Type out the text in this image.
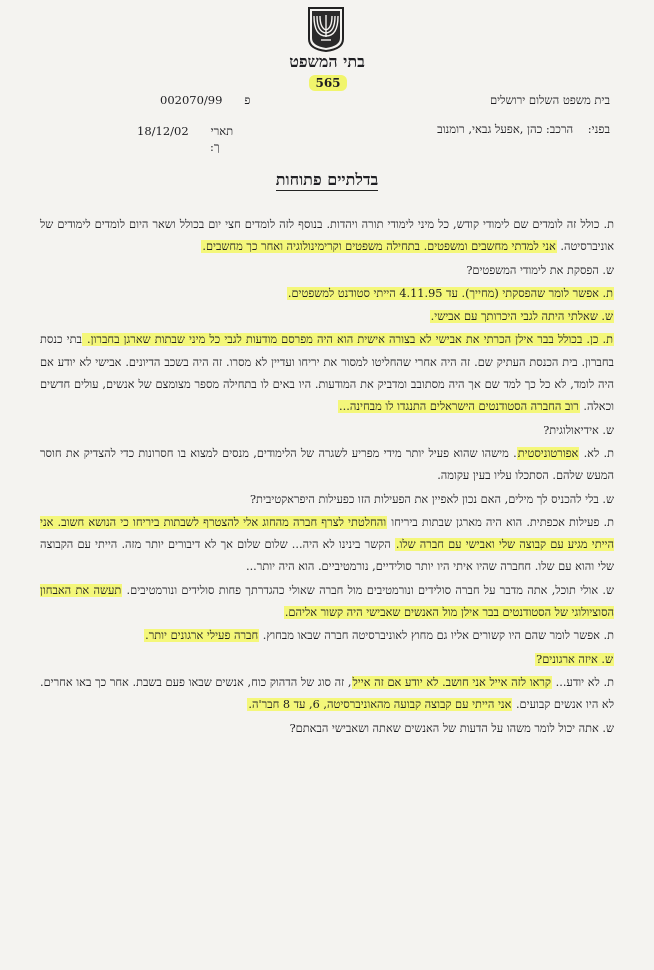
בתי המשפט
565
בית משפט השלום ירושלים
בפני:    הרכב: כהן ,אפעל גבאי, רומנוב
פ      002070/99
תארי      18/12/02
ך:
בדלתיים פתוחות

ת. כולל זה לומדים שם לימודי קודש, כל מיני לימודי תורה ויהדות. בנוסף לזה לומדים חצי יום בכולל ושאר היום לומדים לימודים של אוניברסיטה. אני למדתי מחשבים ומשפטים. בתחילה משפטים וקרימינולוגיה ואחר כך מחשבים.

ש. הפסקת את לימודי המשפטים?

ת. אפשר לומר שהפסקתי (מחייך). עד 4.11.95 הייתי סטודנט למשפטים.

ש. שאלתי היתה לגבי היכרותך עם אבישי.

ת. כן. בכולל בבר אילן הכרתי את אבישי לא בצורה אישית הוא היה מפרסם מודעות לגבי כל מיני שבתות שארגן בחברון. בתי כנסת בחברון. בית הכנסת העתיק שם. זה היה אחרי שהחליטו למסור את יריחו ועדיין לא מסרו. זה היה בשכב הדיונים. אבישי לא יודע אם היה לומד, לא כל כך למד שם אך היה מסתובב ומדביק את המודעות. היו באים לו בתחילה מספר מצומצם של אנשים, עולים חדשים וכאלה. רוב החברה הסטודנטים הישראלים התנגדו לו מבחינה...

ש. אידיאולוגית?

ת. לא. אפורטוניסטית. מישהו שהוא פעיל יותר מידי מפריע לשגרה של הלימודים, מנסים למצוא בו חסרונות כדי להצדיק את חוסר המעש שלהם. הסתכלו עליו בעין עקומה.

ש. בלי להכניס לך מילים, האם נכון לאפיין את הפעילות הזו כפעילות היפראקטיבית?

ת. פעילות אכפתית. הוא היה מארגן שבתות ביריחו והחלטתי לצרף חברה מהחוג אלי להצטרף לשבתות ביריחו כי הנושא חשוב. אני הייתי מגיע עם קבוצה שלי ואבישי עם חברה שלו. הקשר בינינו לא היה... שלום שלום אך לא דיבורים יותר מזה. הייתי עם הקבוצה שלי והוא עם שלו. חחברה שהיו איתי היו יותר סולידיים, נורמטיביים. הוא היה יותר...

ש. אולי תוכל, אתה מדבר על חברה סולידים ונורמטיבים מול חברה שאולי כהגדרתך פחות סולידים ונורמטיבים. תעשה את האבחון הסוציולוגי של הסטודנטים בבר אילן מול האנשים שאבישי היה קשור אליהם.

ת. אפשר לומר שהם היו קשורים אליו גם מחוץ לאוניברסיטה חברה שבאו מבחוץ. חברה פעילי ארגונים יותר.

ש. איזה ארגונים?

ת. לא יודע... קראו לזה אייל אני חושב. לא יודע אם זה אייל, זה סוג של הדהוק כוח, אנשים שבאו פעם בשבת. אחר כך באו אחרים. לא היו אנשים קבועים. אני הייתי עם קבוצה קבועה מהאוניברסיטה, 6, עד 8 חבר'ה.

ש. אתה יכול לומר משהו על הדעות של האנשים שאתה ושאבישי הבאתם?
